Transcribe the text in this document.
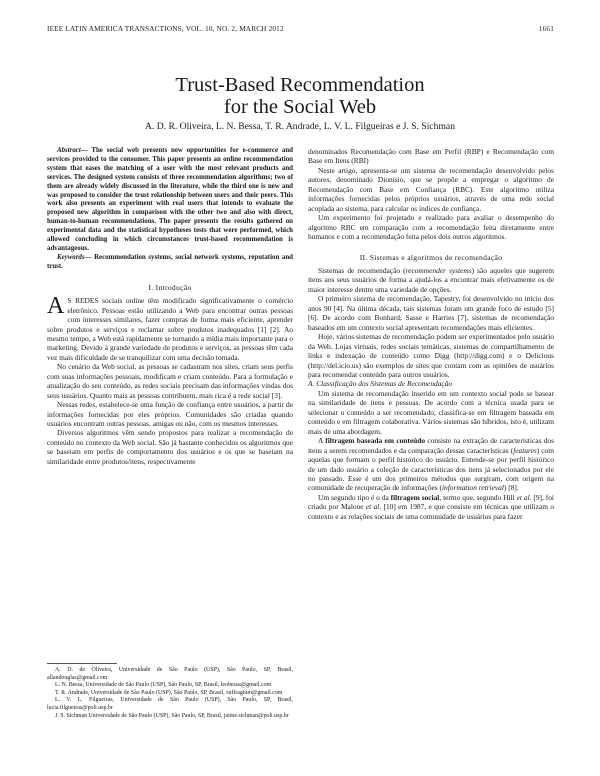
IEEE LATIN AMERICA TRANSACTIONS, VOL. 10, NO. 2, MARCH 2012	1661
Trust-Based Recommendation
for the Social Web
A. D. R. Oliveira, L. N. Bessa, T. R. Andrade, L. V. L. Filgueiras e J. S. Sichman

Abstract— The social web presents new opportunities for e-commerce and services provided to the consumer. This paper presents an online recommendation system that eases the matching of a user with the most relevant products and services. The designed system consists of three recommendation algorithms; two of them are already widely discussed in the literature, while the third one is new and was proposed to consider the trust relationship between users and their peers. This work also presents an experiment with real users that intends to evaluate the proposed new algorithm in comparison with the other two and also with direct, human-to-human recommendations. The paper presents the results gathered on experimental data and the statistical hypotheses tests that were performed, which allowed concluding in which circumstances trust-based recommendation is advantageous.

Keywords— Recommendation systems, social network systems, reputation and trust.

I. Introdução

A S REDES sociais online têm modificado significativamente o comércio eletrônico. Pessoas estão utilizando a Web para encontrar outras pessoas com interesses similares, fazer compras de forma mais eficiente, aprender sobre produtos e serviços e reclamar sobre produtos inadequados [1] [2]. Ao mesmo tempo, a Web está rapidamente se tornando a mídia mais importante para o marketing. Devido à grande variedade de produtos e serviços, as pessoas têm cada vez mais dificuldade de se tranquilizar com uma decisão tomada.

No cenário da Web social, as pessoas se cadastram nos sites, criam seus perfis com suas informações pessoais, modificam e criam conteúdo. Para a formulação e atualização do seu conteúdo, as redes sociais precisam das informações vindas dos seus usuários. Quanto mais as pessoas contribuem, mais rica é a rede social [3].

Nessas redes, estabelece-se uma função de confiança entre usuários, a partir de informações fornecidas por eles próprios. Comunidades são criadas quando usuários encontram outras pessoas, amigas ou não, com os mesmos interesses.

Diversos algoritmos vêm sendo propostos para realizar a recomendação de conteúdo no contexto da Web social. São já bastante conhecidos os algoritmos que se baseiam em perfis de comportamento dos usuários e os que se baseiam na similaridade entre produtos/itens, respectivamente

A. D. de Oliveira, Universidade de São Paulo (USP), São Paulo, SP, Brasil, allandouglas@gmail.com

L. N. Bessa, Universidade de São Paulo (USP), São Paulo, SP, Brasil, leobessa@gmail.com

T. R. Andrade, Universidade de São Paulo (USP), São Paulo, SP, Brasil, suffragium@gmail.com

L. V. L. Filgueiras, Universidade de São Paulo (USP), São Paulo, SP, Brasil, lucia.filgueiras@poli.usp.br

J. S. Sichman Universidade de São Paulo (USP), São Paulo, SP, Brasil, jaime.sichman@poli.usp.br

denominados Recomendação com Base em Perfil (RBP) e Recomendação com Base em Itens (RBI)

Neste artigo, apresenta-se um sistema de recomendação desenvolvido pelos autores, denominado Dionísio, que se propõe a empregar o algoritmo de Recomendação com Base em Confiança (RBC). Este algoritmo utiliza informações fornecidas pelos próprios usuários, através de uma rede social acoplada ao sistema, para calcular os índices de confiança.

Um experimento foi projetado e realizado para avaliar o desempenho do algoritmo RBC em comparação com a recomendação feita diretamente entre humanos e com a recomendação feita pelos dois outros algoritmos.

II. Sistemas e algoritmos de recomendação

Sistemas de recomendação (recommender systems) são aqueles que sugerem itens aos seus usuários de forma a ajudá-los a encontrar mais efetivamente os de maior interesse dentre uma variedade de opções.

O primeiro sistema de recomendação, Tapestry, foi desenvolvido no início dos anos 90 [4]. Na última década, tais sistemas foram um grande foco de estudo [5] [6]. De acordo com Bonhard, Sasse e Harries [7], sistemas de recomendação baseados em um contexto social apresentam recomendações mais eficientes.

Hoje, vários sistemas de recomendação podem ser experimentados pelo usuário da Web. Lojas virtuais, redes sociais temáticas, sistemas de compartilhamento de links e indexação de conteúdo como Digg (http://digg.com) e o Delicious (http://del.icio.us) são exemplos de sites que contam com as opiniões de usuários para recomendar conteúdo para outros usuários.

A. Classificação dos Sistemas de Recomendação

Um sistema de recomendação inserido em um contexto social pode se basear na similaridade de itens e pessoas. De acordo com a técnica usada para se selecionar o conteúdo a ser recomendado, classifica-se em filtragem baseada em conteúdo e em filtragem colaborativa. Vários sistemas são híbridos, isto é, utilizam mais de uma abordagem.

A filtragem baseada em conteúdo consiste na extração de características dos itens a serem recomendados e da comparação dessas características (features) com aquelas que formam o perfil histórico do usuário. Entende-se por perfil histórico de um dado usuário a coleção de características dos itens já selecionados por ele no passado. Esse é um dos primeiros métodos que surgiram, com origem na comunidade de recuperação de informações (information retrieval) [8].

Um segundo tipo é o da filtragem social, termo que, segundo Hill et al. [9], foi criado por Malone et al. [10] em 1987, e que consiste em técnicas que utilizam o contexto e as relações sociais de uma comunidade de usuários para fazer
